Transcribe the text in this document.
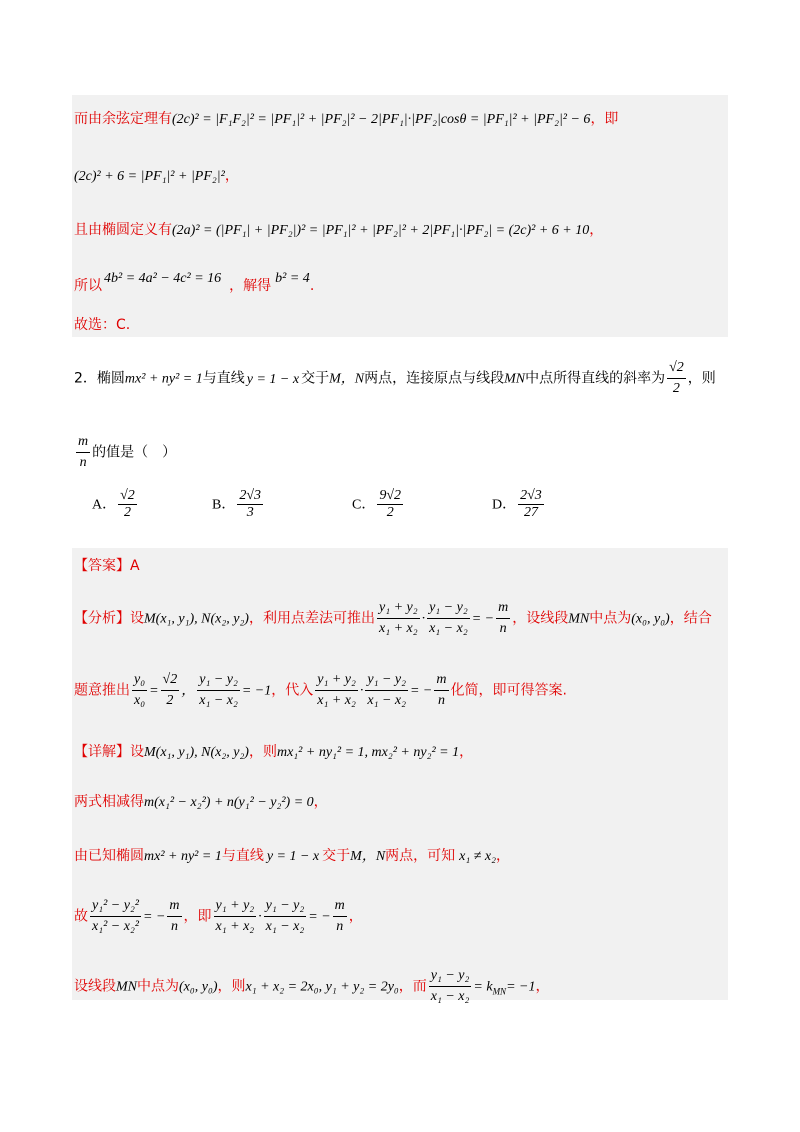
而由余弦定理有(2c)² = |F₁F₂|² = |PF₁|² + |PF₂|² − 2|PF₁|·|PF₂|cosθ = |PF₁|² + |PF₂|² − 6，即
(2c)² + 6 = |PF₁|² + |PF₂|²，
且由椭圆定义有(2a)² = (|PF₁| + |PF₂|)² = |PF₁|² + |PF₂|² + 2|PF₁|·|PF₂| = (2c)² + 6 + 10，
所以 4b² = 4a² − 4c² = 16 ，解得 b² = 4.
故选：C.
2．椭圆mx² + ny² = 1与直线 y = 1 − x 交于M，N两点，连接原点与线段MN中点所得直线的斜率为 $\frac{√2}{2}$ ，则
$\frac{m}{n}$ 的值是（　）
A． $\frac{√2}{2}$	B． $\frac{2√3}{3}$	C． $\frac{9√2}{2}$	D． $\frac{2√3}{27}$
【答案】A
【分析】设M(x₁, y₁), N(x₂, y₂)，利用点差法可推出 $\frac{\text{y₁ + y₂}}{\text{x₁ + x₂}} \cdot \frac{\text{y₁ − y₂}}{\text{x₁ − x₂}}$ = − $\frac{m}{n}$ ，设线段MN中点为(x₀, y₀)，结合
题意推出 $\frac{\text{y₀}}{\text{x₀}} = \frac{√2}{2}$ ， $\frac{\text{y₁ − y₂}}{\text{x₁ − x₂}} = -1$，代入 $\frac{\text{y₁ + y₂}}{\text{x₁ + x₂}} \cdot \frac{\text{y₁ − y₂}}{\text{x₁ − x₂}}$ = − $\frac{m}{n}$ 化简，即可得答案.
【详解】设M(x₁, y₁), N(x₂, y₂)，则mx₁² + ny₁² = 1, mx₂² + ny₂² = 1，
两式相减得m(x₁² − x₂²) + n(y₁² − y₂²) = 0，
由已知椭圆mx² + ny² = 1与直线 y = 1 − x 交于M，N两点，可知 x₁ ≠ x₂，
故 $\frac{\text{y₁² − y₂²}}{\text{x₁² − x₂²}}$ = − $\frac{m}{n}$ ，即 $\frac{\text{y₁ + y₂}}{\text{x₁ + x₂}} \cdot \frac{\text{y₁ − y₂}}{\text{x₁ − x₂}}$ = − $\frac{m}{n}$ ，
设线段MN中点为(x₀, y₀)，则x₁ + x₂ = 2x₀, y₁ + y₂ = 2y₀，而 $\frac{\text{y₁ − y₂}}{\text{x₁ − x₂}} = k_{MN}= -1$，
